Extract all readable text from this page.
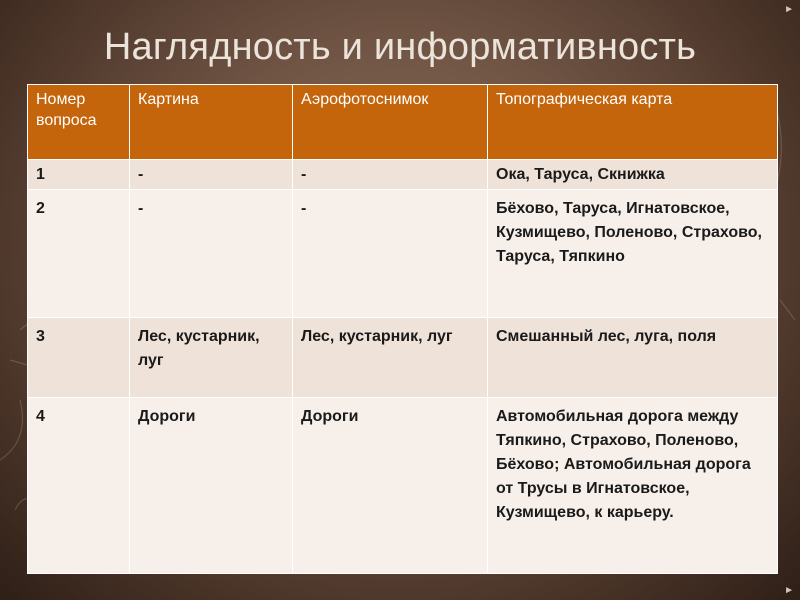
►
►
Наглядность и информативность
Номер вопроса	Картина	Аэрофотоснимок	Топографическая карта
1	-	-	Ока, Таруса, Скнижка
2	-	-	Бёхово, Таруса, Игнатовское, Кузмищево, Поленово, Страхово, Таруса, Тяпкино
3	Лес, кустарник, луг	Лес, кустарник, луг	Смешанный лес, луга, поля
4	Дороги	Дороги	Автомобильная дорога между Тяпкино, Страхово, Поленово, Бёхово; Автомобильная дорога от Трусы в Игнатовское, Кузмищево, к карьеру.
